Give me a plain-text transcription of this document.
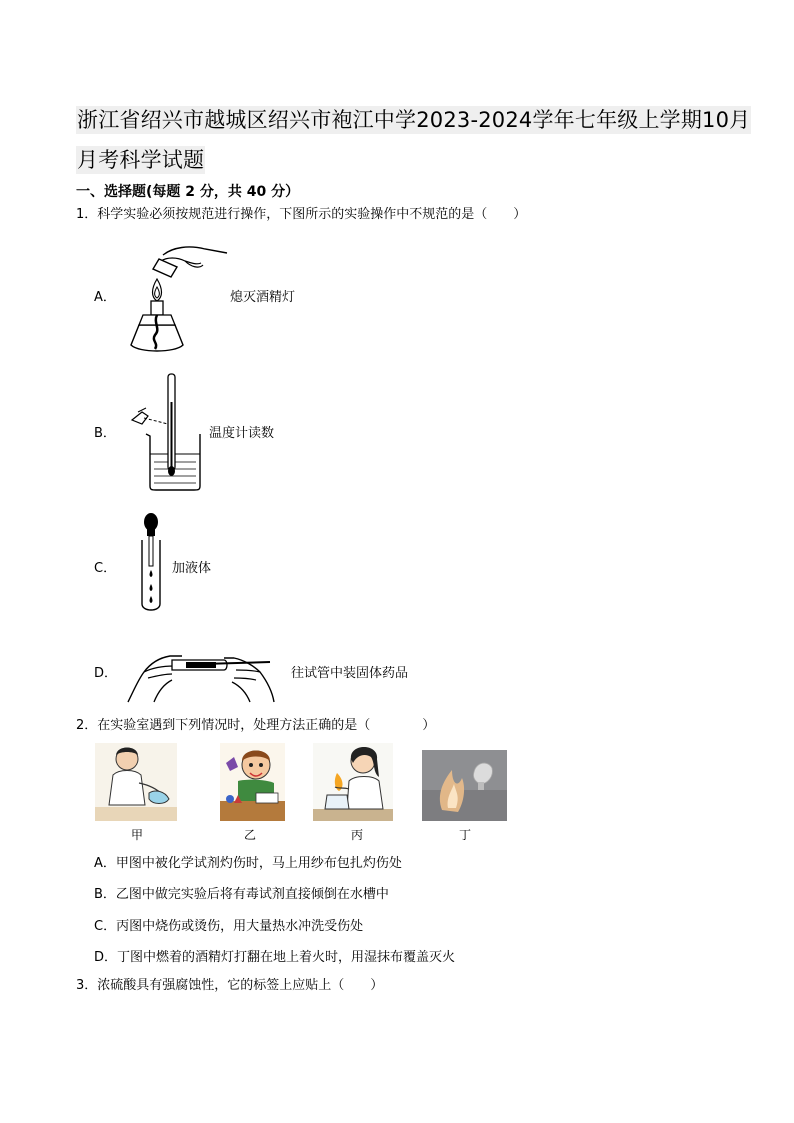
浙江省绍兴市越城区绍兴市袍江中学2023-2024学年七年级上学期10月
月考科学试题
一、选择题(每题 2 分，共 40 分）
1．科学实验必须按规范进行操作，下图所示的实验操作中不规范的是（　　）
A．	熄灭酒精灯
B．	温度计读数
C．	加液体
D．	往试管中装固体药品
2．在实验室遇到下列情况时，处理方法正确的是（　　　　）
甲	乙	丙	丁
A．甲图中被化学试剂灼伤时，马上用纱布包扎灼伤处
B．乙图中做完实验后将有毒试剂直接倾倒在水槽中
C．丙图中烧伤或烫伤，用大量热水冲洗受伤处
D．丁图中燃着的酒精灯打翻在地上着火时，用湿抹布覆盖灭火
3．浓硫酸具有强腐蚀性，它的标签上应贴上（　　）
